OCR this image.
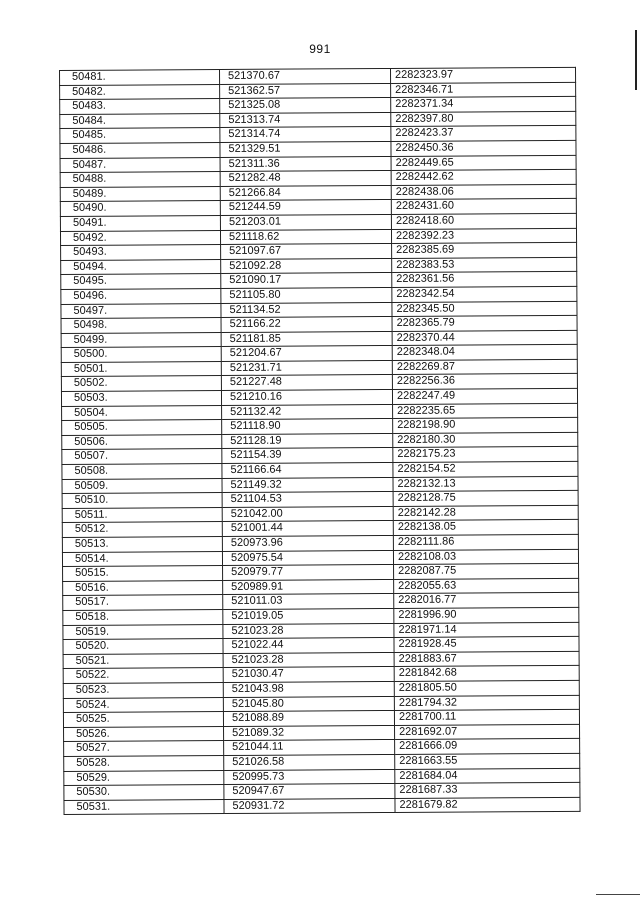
991
50481.	521370.67	2282323.97
50482.	521362.57	2282346.71
50483.	521325.08	2282371.34
50484.	521313.74	2282397.80
50485.	521314.74	2282423.37
50486.	521329.51	2282450.36
50487.	521311.36	2282449.65
50488.	521282.48	2282442.62
50489.	521266.84	2282438.06
50490.	521244.59	2282431.60
50491.	521203.01	2282418.60
50492.	521118.62	2282392.23
50493.	521097.67	2282385.69
50494.	521092.28	2282383.53
50495.	521090.17	2282361.56
50496.	521105.80	2282342.54
50497.	521134.52	2282345.50
50498.	521166.22	2282365.79
50499.	521181.85	2282370.44
50500.	521204.67	2282348.04
50501.	521231.71	2282269.87
50502.	521227.48	2282256.36
50503.	521210.16	2282247.49
50504.	521132.42	2282235.65
50505.	521118.90	2282198.90
50506.	521128.19	2282180.30
50507.	521154.39	2282175.23
50508.	521166.64	2282154.52
50509.	521149.32	2282132.13
50510.	521104.53	2282128.75
50511.	521042.00	2282142.28
50512.	521001.44	2282138.05
50513.	520973.96	2282111.86
50514.	520975.54	2282108.03
50515.	520979.77	2282087.75
50516.	520989.91	2282055.63
50517.	521011.03	2282016.77
50518.	521019.05	2281996.90
50519.	521023.28	2281971.14
50520.	521022.44	2281928.45
50521.	521023.28	2281883.67
50522.	521030.47	2281842.68
50523.	521043.98	2281805.50
50524.	521045.80	2281794.32
50525.	521088.89	2281700.11
50526.	521089.32	2281692.07
50527.	521044.11	2281666.09
50528.	521026.58	2281663.55
50529.	520995.73	2281684.04
50530.	520947.67	2281687.33
50531.	520931.72	2281679.82
